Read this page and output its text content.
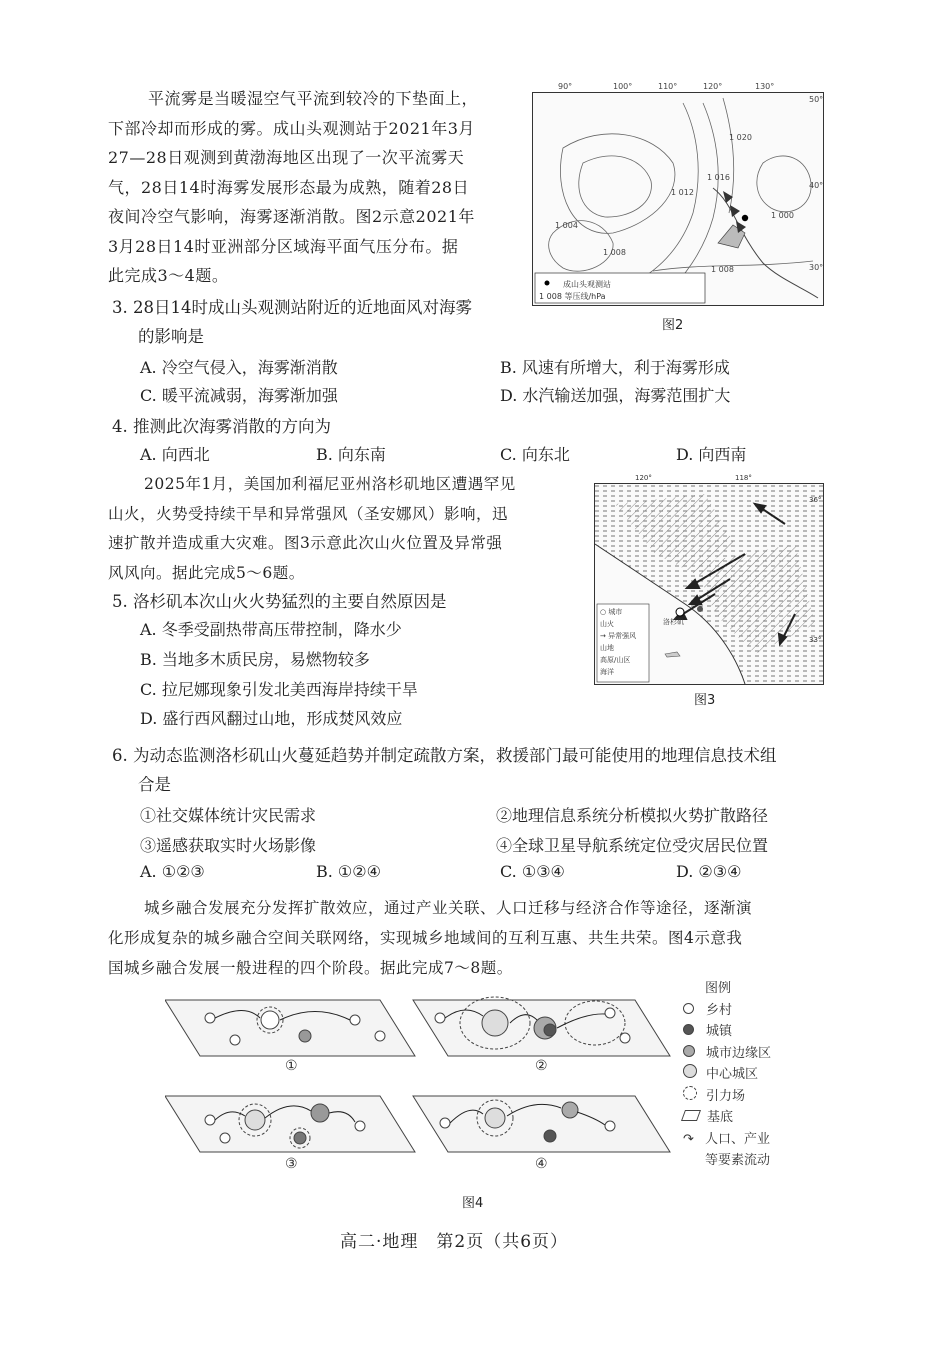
平流雾是当暖湿空气平流到较冷的下垫面上，
下部冷却而形成的雾。成山头观测站于2021年3月
27—28日观测到黄渤海地区出现了一次平流雾天
气，28日14时海雾发展形态最为成熟，随着28日
夜间冷空气影响，海雾逐渐消散。图2示意2021年
3月28日14时亚洲部分区域海平面气压分布。据
此完成3～4题。	成山头观测站
1 008 等压线/hPa
90°	100°	110°	120°	130°
50°
40°
30°
1 008
1 012
1 016
1 020
1 004
1 008
1 000
图2
3. 28日14时成山头观测站附近的近地面风对海雾
的影响是
A. 冷空气侵入，海雾渐消散	B. 风速有所增大，利于海雾形成
C. 暖平流减弱，海雾渐加强	D. 水汽输送加强，海雾范围扩大
4. 推测此次海雾消散的方向为
A. 向西北	B. 向东南	C. 向东北	D. 向西南
2025年1月，美国加利福尼亚州洛杉矶地区遭遇罕见
山火，火势受持续干旱和异常强风（圣安娜风）影响，迅
速扩散并造成重大灾难。图3示意此次山火位置及异常强
风风向。据此完成5～6题。
120°	118°
36°
33°
洛杉矶
○ 城市
山火
→ 异常强风
山地
高原/山区
海洋
图3
5. 洛杉矶本次山火火势猛烈的主要自然原因是
A. 冬季受副热带高压带控制，降水少
B. 当地多木质民房，易燃物较多
C. 拉尼娜现象引发北美西海岸持续干旱
D. 盛行西风翻过山地，形成焚风效应
6. 为动态监测洛杉矶山火蔓延趋势并制定疏散方案，救援部门最可能使用的地理信息技术组
合是
①社交媒体统计灾民需求	②地理信息系统分析模拟火势扩散路径
③遥感获取实时火场影像	④全球卫星导航系统定位受灾居民位置
A. ①②③	B. ①②④	C. ①③④	D. ②③④
城乡融合发展充分发挥扩散效应，通过产业关联、人口迁移与经济合作等途径，逐渐演
化形成复杂的城乡融合空间关联网络，实现城乡地域间的互利互惠、共生共荣。图4示意我
国城乡融合发展一般进程的四个阶段。据此完成7～8题。
①	②
③	④
图例
乡村
城镇
城市边缘区
中心城区
引力场
基底
↷ 人口、产业
等要素流动
图4
高二·地理　第2页（共6页）
